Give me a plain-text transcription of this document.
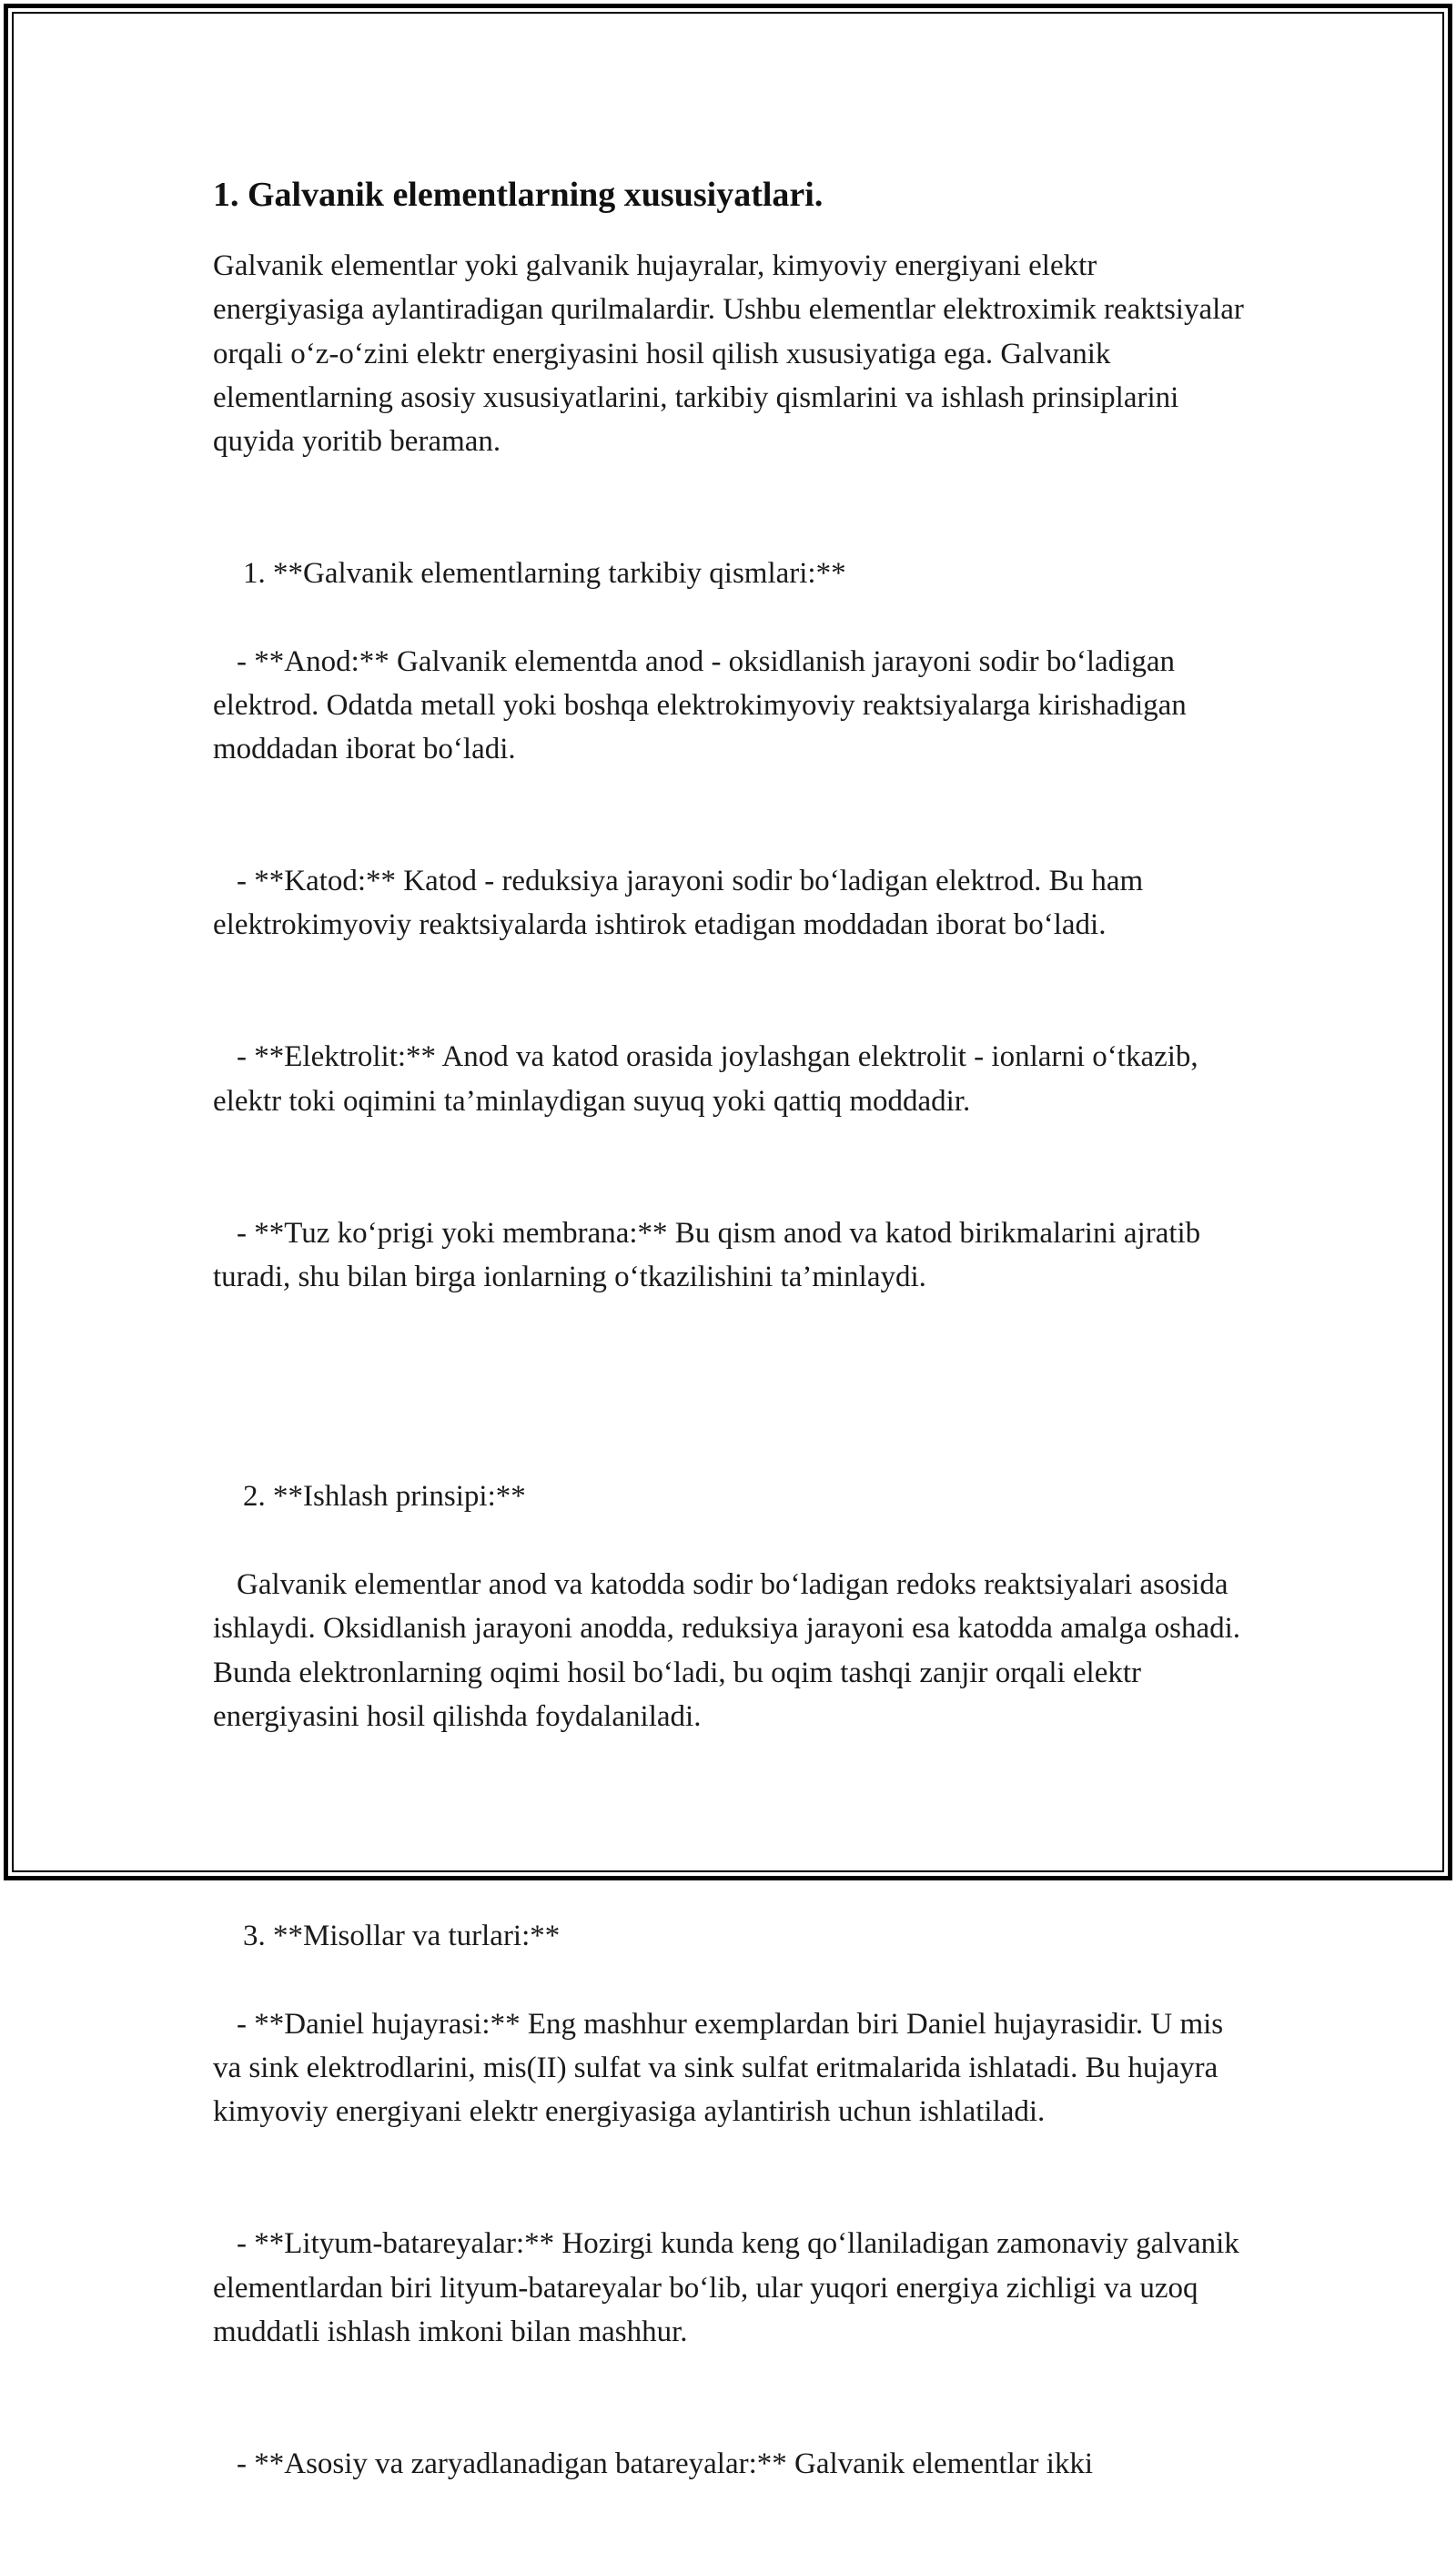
1. Galvanik elementlarning xususiyatlari.

Galvanik elementlar yoki galvanik hujayralar, kimyoviy energiyani elektr energiyasiga aylantiradigan qurilmalardir. Ushbu elementlar elektroximik reaktsiyalar orqali o‘z-o‘zini elektr energiyasini hosil qilish xususiyatiga ega. Galvanik elementlarning asosiy xususiyatlarini, tarkibiy qismlarini va ishlash prinsiplarini quyida yoritib beraman.

1. **Galvanik elementlarning tarkibiy qismlari:**

- **Anod:** Galvanik elementda anod - oksidlanish jarayoni sodir bo‘ladigan elektrod. Odatda metall yoki boshqa elektrokimyoviy reaktsiyalarga kirishadigan moddadan iborat bo‘ladi.

- **Katod:** Katod - reduksiya jarayoni sodir bo‘ladigan elektrod. Bu ham elektrokimyoviy reaktsiyalarda ishtirok etadigan moddadan iborat bo‘ladi.

- **Elektrolit:** Anod va katod orasida joylashgan elektrolit - ionlarni o‘tkazib, elektr toki oqimini ta’minlaydigan suyuq yoki qattiq moddadir.

- **Tuz ko‘prigi yoki membrana:** Bu qism anod va katod birikmalarini ajratib turadi, shu bilan birga ionlarning o‘tkazilishini ta’minlaydi.

2. **Ishlash prinsipi:**

Galvanik elementlar anod va katodda sodir bo‘ladigan redoks reaktsiyalari asosida ishlaydi. Oksidlanish jarayoni anodda, reduksiya jarayoni esa katodda amalga oshadi. Bunda elektronlarning oqimi hosil bo‘ladi, bu oqim tashqi zanjir orqali elektr energiyasini hosil qilishda foydalaniladi.

3. **Misollar va turlari:**

- **Daniel hujayrasi:** Eng mashhur exemplardan biri Daniel hujayrasidir. U mis va sink elektrodlarini, mis(II) sulfat va sink sulfat eritmalarida ishlatadi. Bu hujayra kimyoviy energiyani elektr energiyasiga aylantirish uchun ishlatiladi.

- **Lityum-batareyalar:** Hozirgi kunda keng qo‘llaniladigan zamonaviy galvanik elementlardan biri lityum-batareyalar bo‘lib, ular yuqori energiya zichligi va uzoq muddatli ishlash imkoni bilan mashhur.

- **Asosiy va zaryadlanadigan batareyalar:** Galvanik elementlar ikki
